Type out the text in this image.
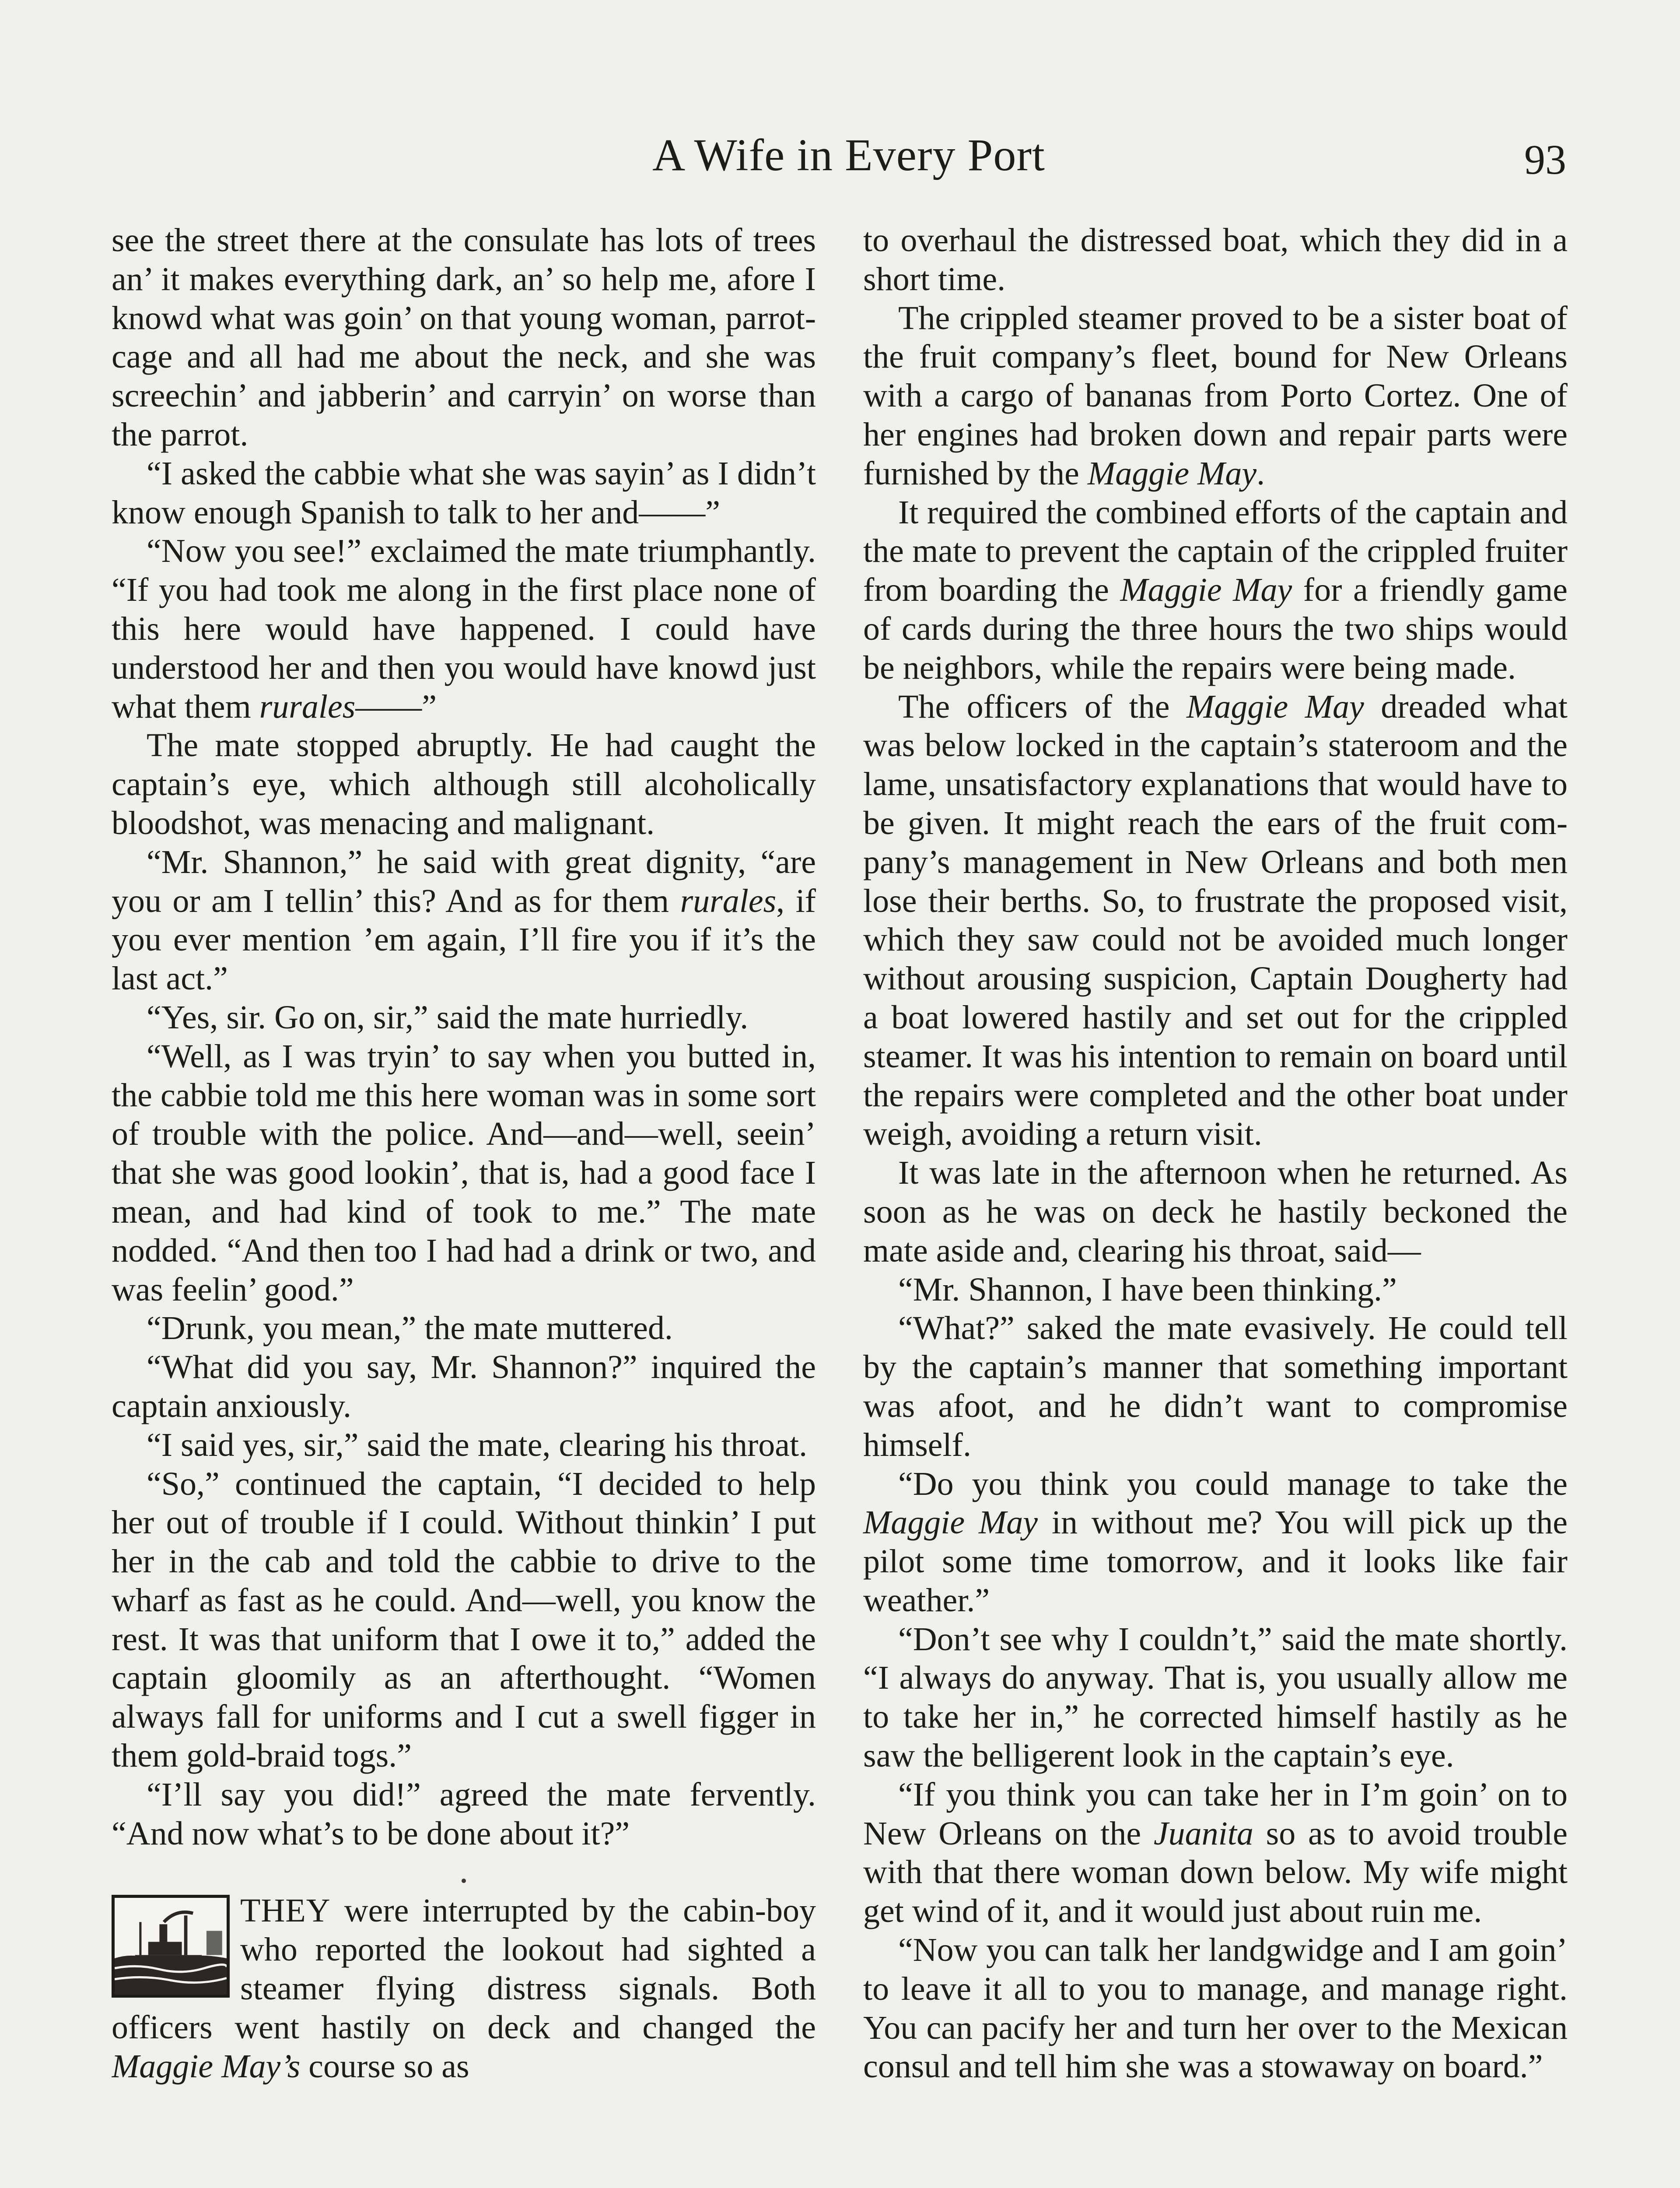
A Wife in Every Port	93

see the street there at the consulate has lots of trees an’ it makes everything dark, an’ so help me, afore I knowd what was goin’ on that young woman, parrot-cage and all had me about the neck, and she was screechin’ and jabberin’ and carryin’ on worse than the parrot.

“I asked the cabbie what she was sayin’ as I didn’t know enough Spanish to talk to her and——”

“Now you see!” exclaimed the mate triumphantly. “If you had took me along in the first place none of this here would have happened. I could have understood her and then you would have knowd just what them rurales——”

The mate stopped abruptly. He had caught the captain’s eye, which although still alcoholically bloodshot, was menacing and malignant.

“Mr. Shannon,” he said with great dignity, “are you or am I tellin’ this? And as for them rurales, if you ever mention ’em again, I’ll fire you if it’s the last act.”

“Yes, sir. Go on, sir,” said the mate hurriedly.

“Well, as I was tryin’ to say when you butted in, the cabbie told me this here woman was in some sort of trouble with the police. And—and—well, seein’ that she was good lookin’, that is, had a good face I mean, and had kind of took to me.” The mate nodded. “And then too I had had a drink or two, and was feelin’ good.”

“Drunk, you mean,” the mate muttered.

“What did you say, Mr. Shannon?” inquired the captain anxiously.

“I said yes, sir,” said the mate, clearing his throat.

“So,” continued the captain, “I decided to help her out of trouble if I could. Without thinkin’ I put her in the cab and told the cabbie to drive to the wharf as fast as he could. And—well, you know the rest. It was that uniform that I owe it to,” added the captain gloomily as an afterthought. “Women always fall for uniforms and I cut a swell figger in them gold-braid togs.”

“I’ll say you did!” agreed the mate fervently. “And now what’s to be done about it?”

THEY were interrupted by the cabin-boy who reported the lookout had sighted a steamer flying distress signals. Both officers went hastily on deck and changed the Maggie May’s course so as

to overhaul the distressed boat, which they did in a short time.

The crippled steamer proved to be a sister boat of the fruit company’s fleet, bound for New Orleans with a cargo of bananas from Porto Cortez. One of her engines had broken down and repair parts were furnished by the Maggie May.

It required the combined efforts of the captain and the mate to prevent the captain of the crippled fruiter from boarding the Maggie May for a friendly game of cards during the three hours the two ships would be neighbors, while the repairs were being made.

The officers of the Maggie May dreaded what was below locked in the captain’s stateroom and the lame, unsatisfactory explanations that would have to be given. It might reach the ears of the fruit company’s management in New Orleans and both men lose their berths. So, to frustrate the proposed visit, which they saw could not be avoided much longer without arousing suspicion, Captain Dougherty had a boat lowered hastily and set out for the crippled steamer. It was his intention to remain on board until the repairs were completed and the other boat under weigh, avoiding a return visit.

It was late in the afternoon when he returned. As soon as he was on deck he hastily beckoned the mate aside and, clearing his throat, said—

“Mr. Shannon, I have been thinking.”

“What?” saked the mate evasively. He could tell by the captain’s manner that something important was afoot, and he didn’t want to compromise himself.

“Do you think you could manage to take the Maggie May in without me? You will pick up the pilot some time tomorrow, and it looks like fair weather.”

“Don’t see why I couldn’t,” said the mate shortly. “I always do anyway. That is, you usually allow me to take her in,” he corrected himself hastily as he saw the belligerent look in the captain’s eye.

“If you think you can take her in I’m goin’ on to New Orleans on the Juanita so as to avoid trouble with that there woman down below. My wife might get wind of it, and it would just about ruin me.

“Now you can talk her landgwidge and I am goin’ to leave it all to you to manage, and manage right. You can pacify her and turn her over to the Mexican consul and tell him she was a stowaway on board.”
